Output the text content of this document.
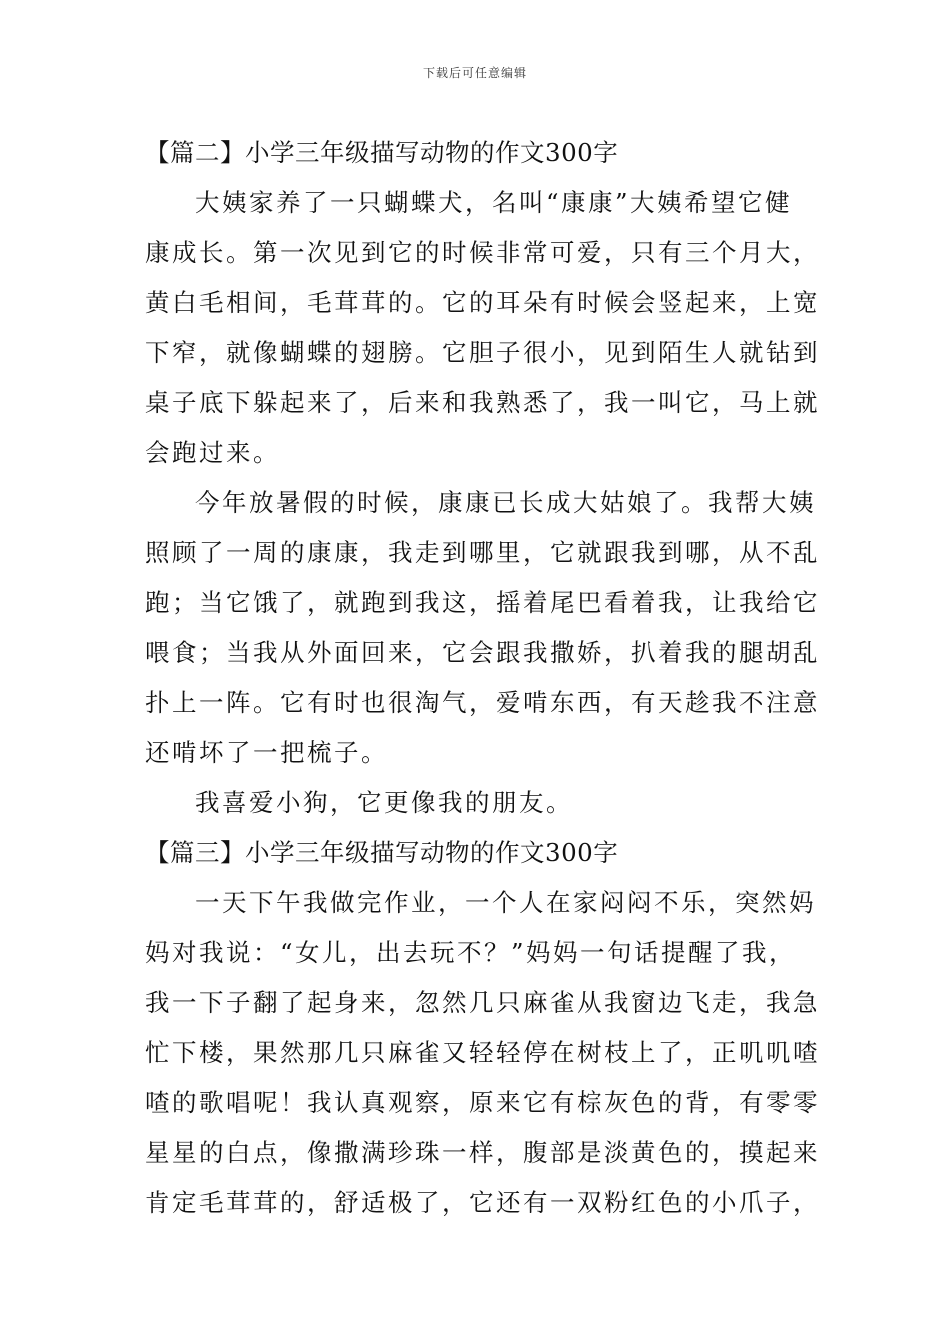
下载后可任意编辑
【篇二】小学三年级描写动物的作文300字
大姨家养了一只蝴蝶犬，名叫“康康”大姨希望它健
康成长。第一次见到它的时候非常可爱，只有三个月大，
黄白毛相间，毛茸茸的。它的耳朵有时候会竖起来，上宽
下窄，就像蝴蝶的翅膀。它胆子很小，见到陌生人就钻到
桌子底下躲起来了，后来和我熟悉了，我一叫它，马上就
会跑过来。
今年放暑假的时候，康康已长成大姑娘了。我帮大姨
照顾了一周的康康，我走到哪里，它就跟我到哪，从不乱
跑；当它饿了，就跑到我这，摇着尾巴看着我，让我给它
喂食；当我从外面回来，它会跟我撒娇，扒着我的腿胡乱
扑上一阵。它有时也很淘气，爱啃东西，有天趁我不注意
还啃坏了一把梳子。
我喜爱小狗，它更像我的朋友。
【篇三】小学三年级描写动物的作文300字
一天下午我做完作业，一个人在家闷闷不乐，突然妈
妈对我说：“女儿，出去玩不？”妈妈一句话提醒了我，
我一下子翻了起身来，忽然几只麻雀从我窗边飞走，我急
忙下楼，果然那几只麻雀又轻轻停在树枝上了，正叽叽喳
喳的歌唱呢！我认真观察，原来它有棕灰色的背，有零零
星星的白点，像撒满珍珠一样，腹部是淡黄色的，摸起来
肯定毛茸茸的，舒适极了，它还有一双粉红色的小爪子，
